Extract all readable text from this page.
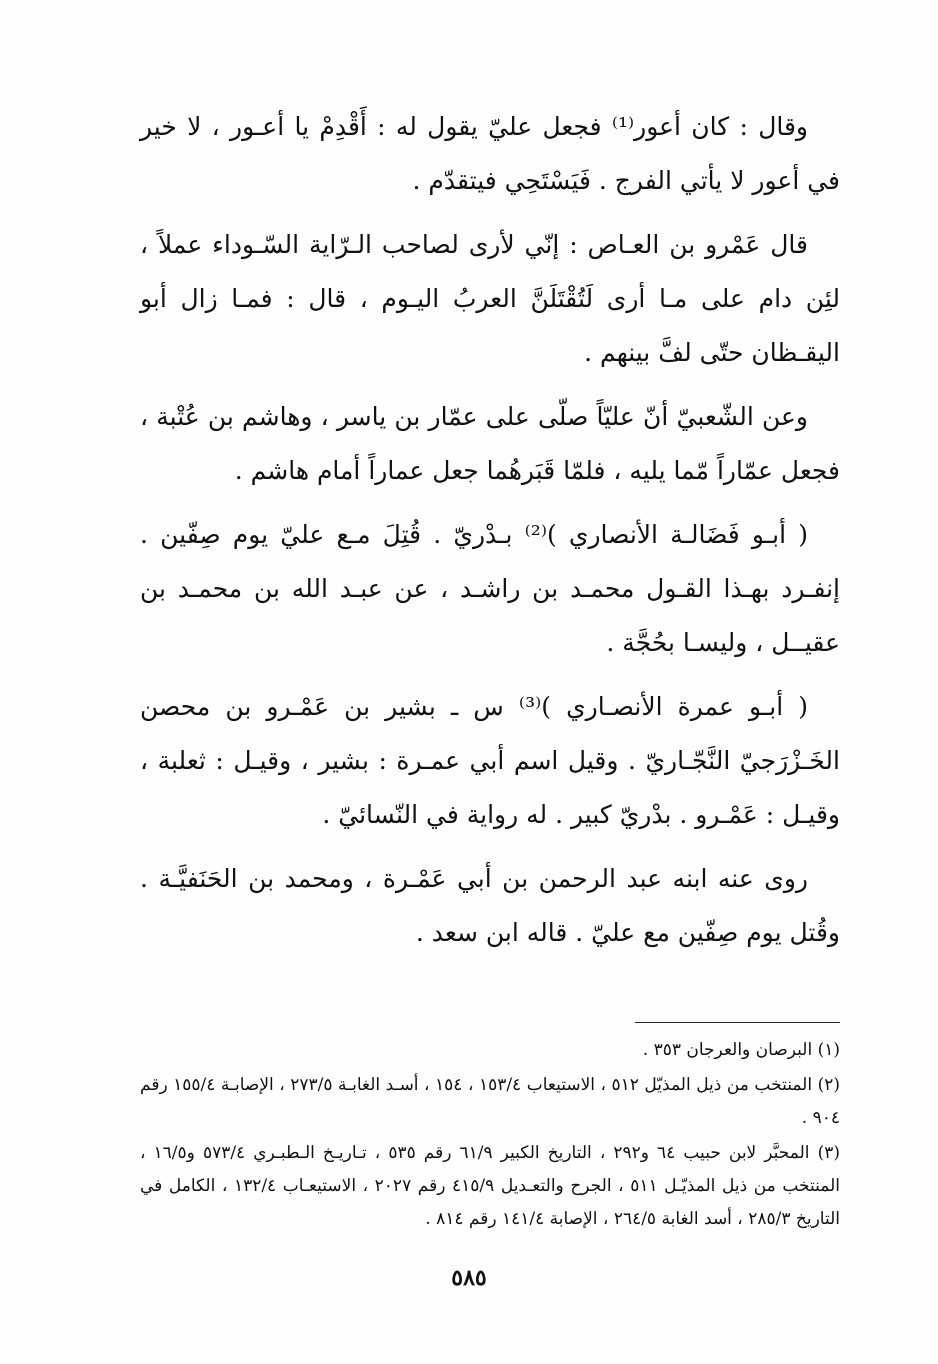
وقال : كان أعور⁽¹⁾ فجعل عليّ يقول له : أَقْدِمْ يا أعـور ، لا خير في أعور لا يأتي الفرج . فَيَسْتَحِي فيتقدّم .

قال عَمْرو بن العـاص : إنّي لأرى لصاحب الـرّاية السّـوداء عملاً ، لئِن دام على مـا أرى لَتُقْتَلَنَّ العربُ اليـوم ، قال : فمـا زال أبو اليقـظان حتّى لفَّ بينهم .

وعن الشّعبيّ أنّ عليّاً صلّى على عمّار بن ياسر ، وهاشم بن عُتْبة ، فجعل عمّاراً مّما يليه ، فلمّا قَبَرهُما جعل عماراً أمام هاشم .

( أبـو فَضَالـة الأنصاري )⁽²⁾ بـدْريّ . قُتِلَ مـع عليّ يوم صِفّين . إنفـرد بهـذا القـول محمـد بن راشـد ، عن عبـد الله بن محمـد بن عقيــل ، وليسـا بحُجَّة .

( أبـو عمرة الأنصـاري )⁽³⁾ س ـ بشير بن عَمْـرو بن محصن الخَـزْرَجيّ النَّجّـاريّ . وقيل اسم أبي عمـرة : بشير ، وقيـل : ثعلبة ، وقيـل : عَمْـرو . بدْريّ كبير . له رواية في النّسائيّ .

روى عنه ابنه عبد الرحمن بن أبي عَمْـرة ، ومحمد بن الحَنَفيَّـة . وقُتل يوم صِفّين مع عليّ . قاله ابن سعد .

(١) البرصان والعرجان ٣٥٣ .

(٢) المنتخب من ذيل المذيّل ٥١٢ ، الاستيعاب ١٥٣/٤ ، ١٥٤ ، أسـد الغابـة ٢٧٣/٥ ، الإصابـة ١٥٥/٤ رقم ٩٠٤ .

(٣) المحبَّر لابن حبيب ٦٤ و٢٩٢ ، التاريخ الكبير ٦١/٩ رقم ٥٣٥ ، تـاريـخ الـطبـري ٥٧٣/٤ و١٦/٥ ، المنتخب من ذيل المذيّـل ٥١١ ، الجرح والتعـديل ٤١٥/٩ رقم ٢٠٢٧ ، الاستيعـاب ١٣٢/٤ ، الكامل في التاريخ ٢٨٥/٣ ، أسد الغابة ٢٦٤/٥ ، الإصابة ١٤١/٤ رقم ٨١٤ .

٥٨٥
